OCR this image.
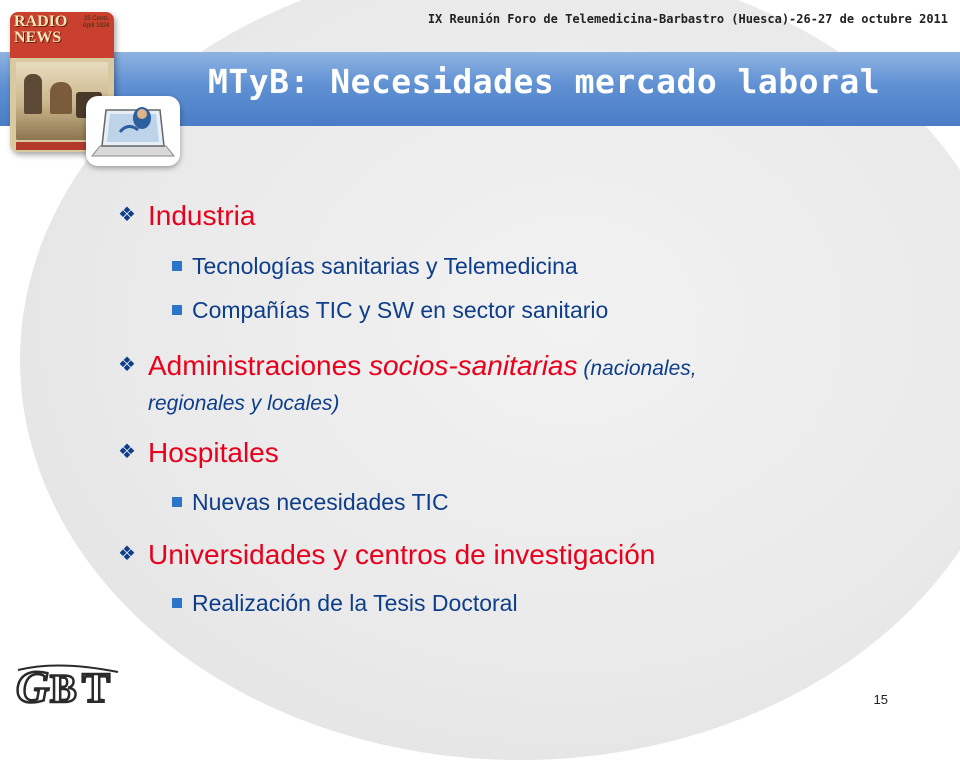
IX Reunión Foro de Telemedicina-Barbastro (Huesca)-26-27 de octubre 2011
MTyB: Necesidades mercado laboral
RADIO
NEWS
25 Cents April 1924
❖ Industria
Tecnologías sanitarias y Telemedicina
Compañías TIC y SW en sector sanitario
❖ Administraciones socios-sanitarias (nacionales,
regionales y locales)
❖ Hospitales
Nuevas necesidades TIC
❖ Universidades y centros de investigación
Realización de la Tesis Doctoral
G B T	15
